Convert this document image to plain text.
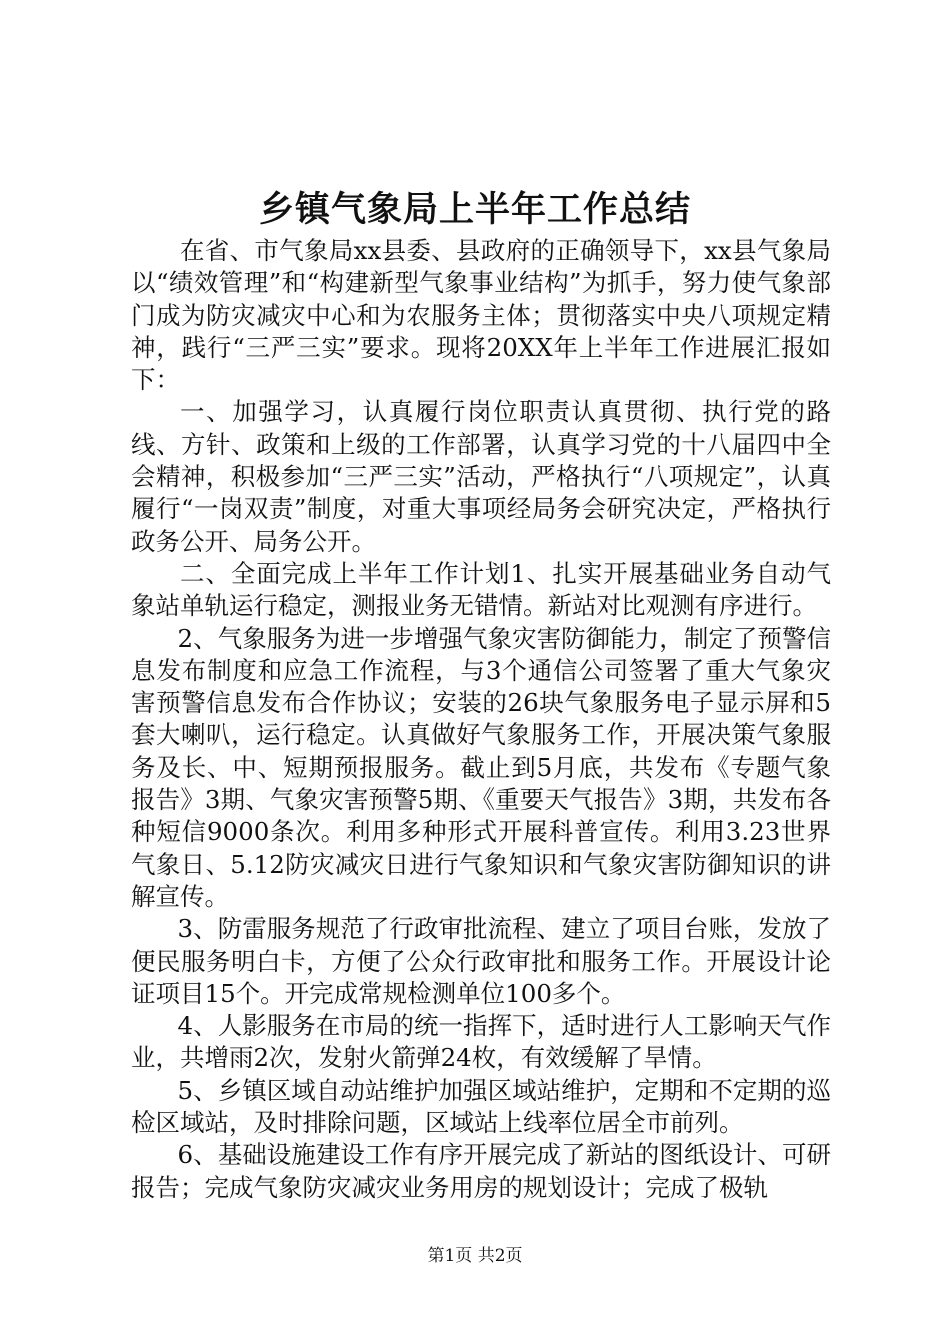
乡镇气象局上半年工作总结

在省、市气象局xx县委、县政府的正确领导下，xx县气象局以“绩效管理”和“构建新型气象事业结构”为抓手，努力使气象部门成为防灾减灾中心和为农服务主体；贯彻落实中央八项规定精神，践行“三严三实”要求。现将20XX年上半年工作进展汇报如下：

一、加强学习，认真履行岗位职责认真贯彻、执行党的路线、方针、政策和上级的工作部署，认真学习党的十八届四中全会精神，积极参加“三严三实”活动，严格执行“八项规定”，认真履行“一岗双责”制度，对重大事项经局务会研究决定，严格执行政务公开、局务公开。

二、全面完成上半年工作计划1、扎实开展基础业务自动气象站单轨运行稳定，测报业务无错情。新站对比观测有序进行。

2、气象服务为进一步增强气象灾害防御能力，制定了预警信息发布制度和应急工作流程，与3个通信公司签署了重大气象灾害预警信息发布合作协议；安装的26块气象服务电子显示屏和5套大喇叭，运行稳定。认真做好气象服务工作，开展决策气象服务及长、中、短期预报服务。截止到5月底，共发布《专题气象报告》3期、气象灾害预警5期、《重要天气报告》3期，共发布各种短信9000条次。利用多种形式开展科普宣传。利用3.23世界气象日、5.12防灾减灾日进行气象知识和气象灾害防御知识的讲解宣传。

3、防雷服务规范了行政审批流程、建立了项目台账，发放了便民服务明白卡，方便了公众行政审批和服务工作。开展设计论证项目15个。开完成常规检测单位100多个。

4、人影服务在市局的统一指挥下，适时进行人工影响天气作业，共增雨2次，发射火箭弹24枚，有效缓解了旱情。

5、乡镇区域自动站维护加强区域站维护，定期和不定期的巡检区域站，及时排除问题，区域站上线率位居全市前列。

6、基础设施建设工作有序开展完成了新站的图纸设计、可研报告；完成气象防灾减灾业务用房的规划设计；完成了极轨

第1页 共2页
